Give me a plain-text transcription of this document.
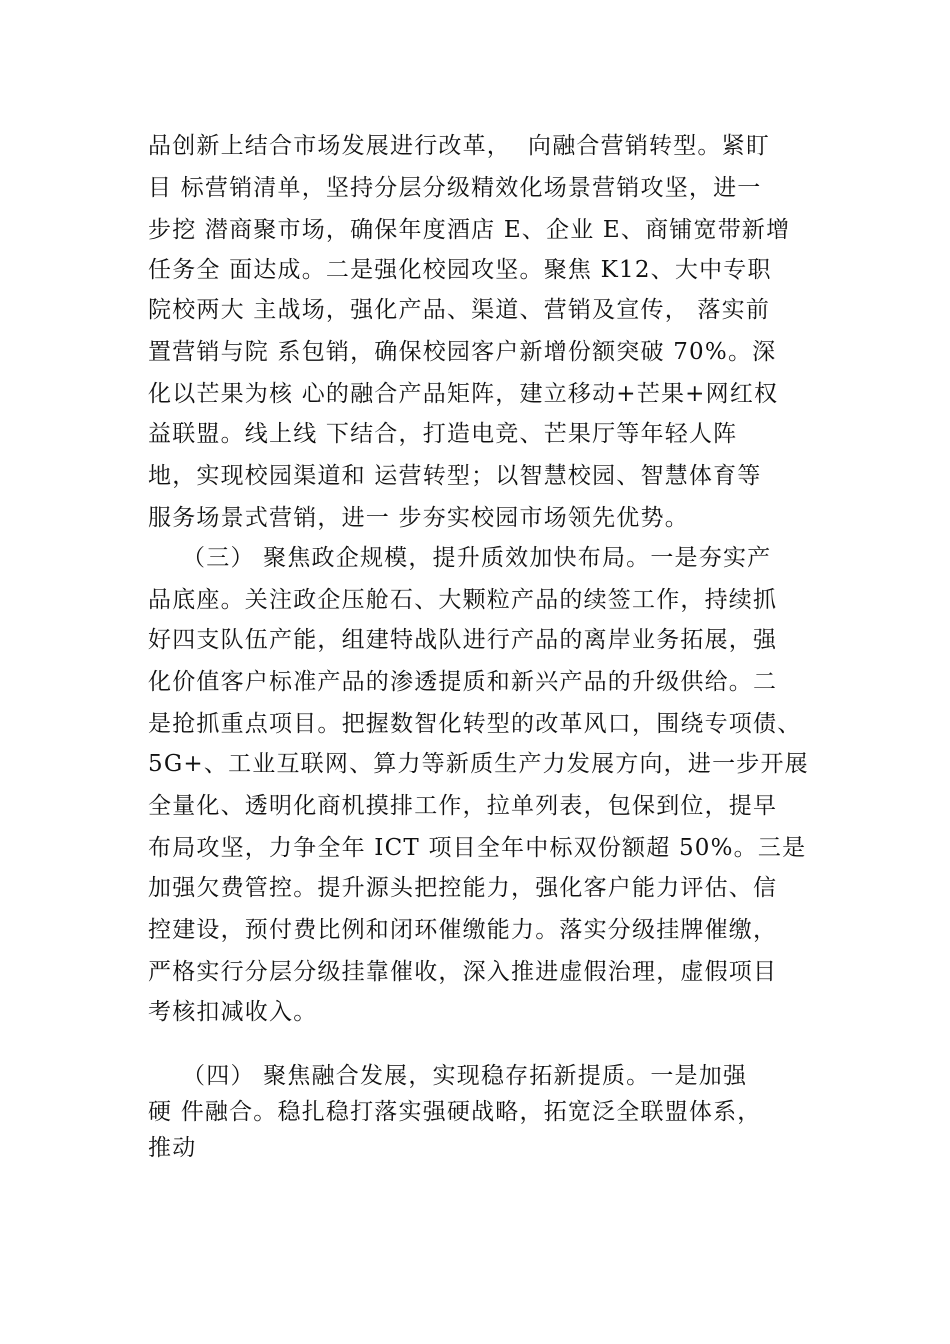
品创新上结合市场发展进行改革，  向融合营销转型。紧盯
目 标营销清单，坚持分层分级精效化场景营销攻坚，进一
步挖 潜商聚市场，确保年度酒店 E、企业 E、商铺宽带新增
任务全 面达成。二是强化校园攻坚。聚焦 K12、大中专职
院校两大 主战场，强化产品、渠道、营销及宣传， 落实前
置营销与院 系包销，确保校园客户新增份额突破 70%。深
化以芒果为核 心的融合产品矩阵，建立移动+芒果+网红权
益联盟。线上线 下结合，打造电竞、芒果厅等年轻人阵
地，实现校园渠道和 运营转型；以智慧校园、智慧体育等
服务场景式营销，进一 步夯实校园市场领先优势。
（三） 聚焦政企规模，提升质效加快布局。一是夯实产
品底座。关注政企压舱石、大颗粒产品的续签工作，持续抓
好四支队伍产能，组建特战队进行产品的离岸业务拓展，强
化价值客户标准产品的渗透提质和新兴产品的升级供给。二
是抢抓重点项目。把握数智化转型的改革风口，围绕专项债、
5G+、工业互联网、算力等新质生产力发展方向，进一步开展
全量化、透明化商机摸排工作，拉单列表，包保到位，提早
布局攻坚，力争全年 ICT 项目全年中标双份额超 50%。三是
加强欠费管控。提升源头把控能力，强化客户能力评估、信
控建设，预付费比例和闭环催缴能力。落实分级挂牌催缴，
严格实行分层分级挂靠催收，深入推进虚假治理，虚假项目
考核扣减收入。
（四） 聚焦融合发展，实现稳存拓新提质。一是加强
硬 件融合。稳扎稳打落实强硬战略，拓宽泛全联盟体系，
推动
